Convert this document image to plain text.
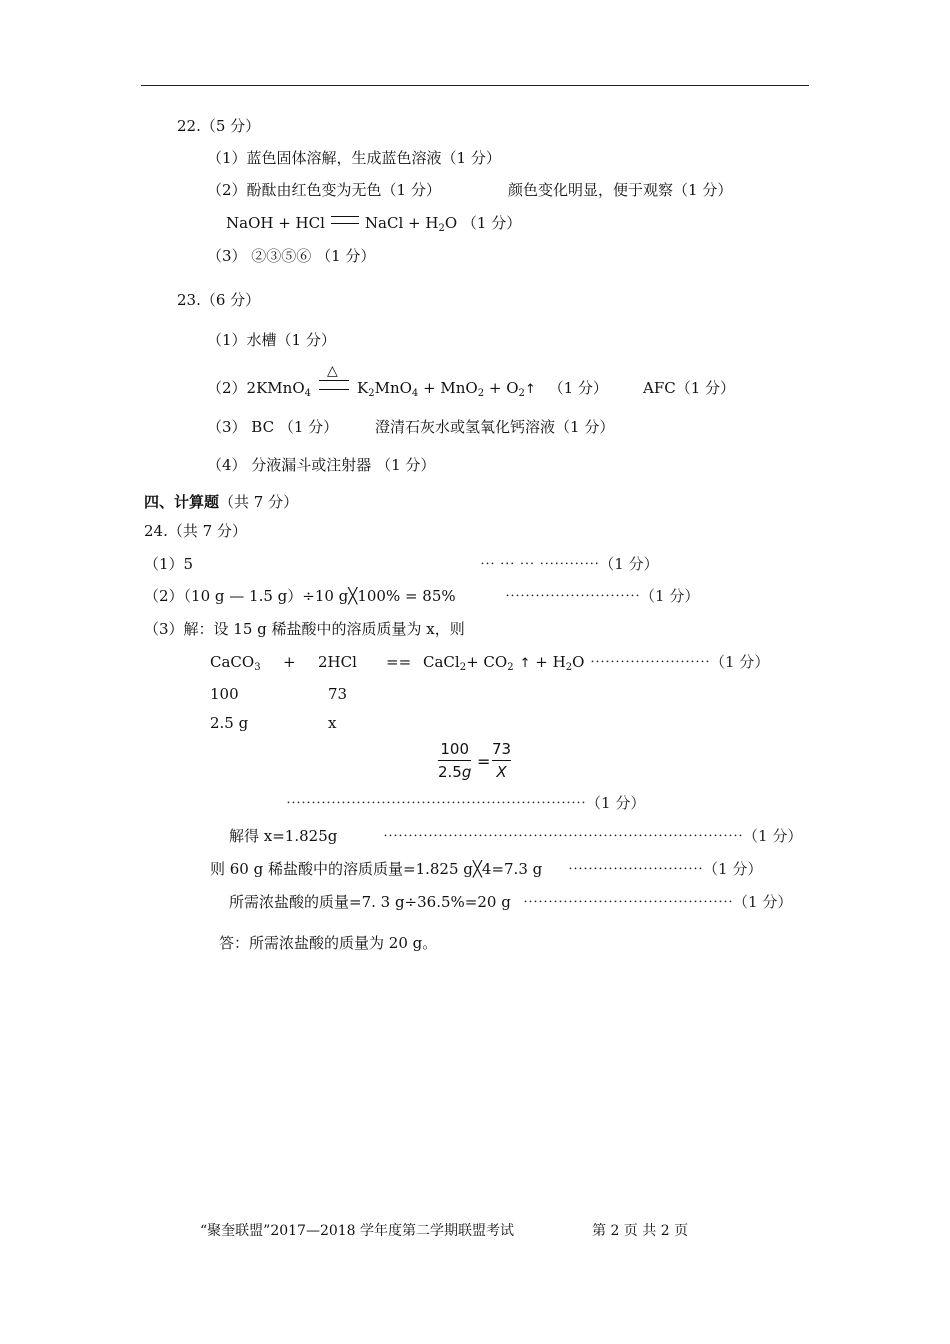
22.（5 分）
（1）蓝色固体溶解，生成蓝色溶液（1 分）
（2）酚酞由红色变为无色（1 分）	颜色变化明显，便于观察（1 分）
NaOH + HCl	NaCl + $H_2O$ （1 分）
（3） ②③⑤⑥ （1 分）
23.（6 分）
（1）水槽（1 分）
（2）2KMnO$_4$
△
$K_2MnO_4 + MnO_2$ + $O_2↑$ （1 分） AFC（1 分）
（3） BC （1 分） 澄清石灰水或氢氧化钙溶液（1 分）
（4） 分液漏斗或注射器 （1 分）
四、计算题（共 7 分）
24.（共 7 分）
（1）5	⋯ ⋯ ⋯ ⋯⋯⋯⋯（1 分）
（2）（10 g — 1.5 g）÷10 g╳100% = 85%	⋯⋯⋯⋯⋯⋯⋯⋯⋯（1 分）
（3）解：设 15 g 稀盐酸中的溶质质量为 x，则
CaCO$_3$ + 2HCl == CaCl$_2$+ $CO_2$ ↑ + $H_2O$ ⋯⋯⋯⋯⋯⋯⋯⋯（1 分）
100	73
2.5 g	x
100
2.5g
=
73
X
⋯⋯⋯⋯⋯⋯⋯⋯⋯⋯⋯⋯⋯⋯⋯⋯⋯⋯⋯⋯（1 分）
解得 x=1.825g	⋯⋯⋯⋯⋯⋯⋯⋯⋯⋯⋯⋯⋯⋯⋯⋯⋯⋯⋯⋯⋯⋯⋯⋯（1 分）
则 60 g 稀盐酸中的溶质质量=1.825 g╳4=7.3 g ⋯⋯⋯⋯⋯⋯⋯⋯⋯（1 分）
所需浓盐酸的质量=7. 3 g÷36.5%=20 g ⋯⋯⋯⋯⋯⋯⋯⋯⋯⋯⋯⋯⋯⋯（1 分）
答：所需浓盐酸的质量为 20 g。
“聚奎联盟”2017—2018 学年度第二学期联盟考试	第 2 页 共 2 页
